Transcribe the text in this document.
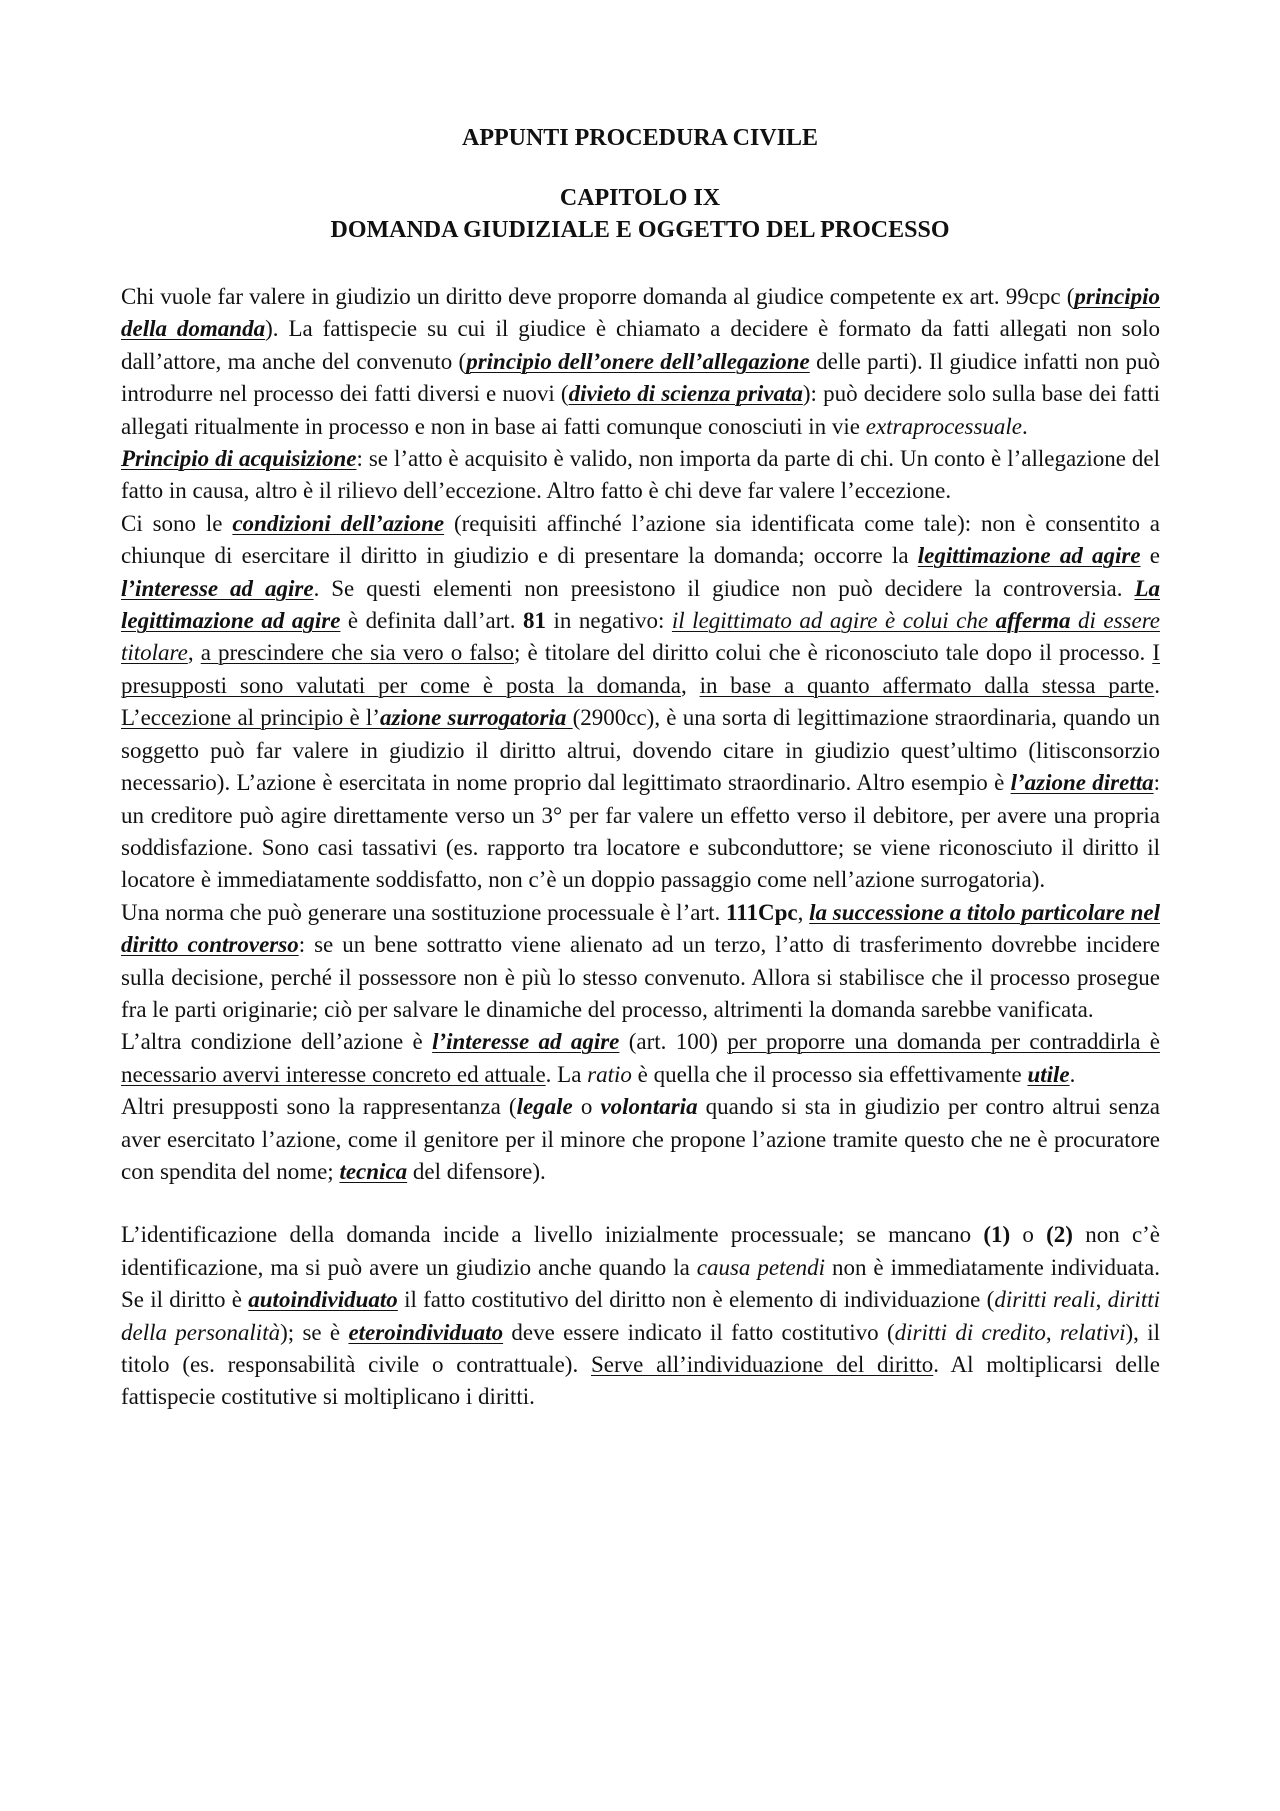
APPUNTI PROCEDURA CIVILE

CAPITOLO IX

DOMANDA GIUDIZIALE E OGGETTO DEL PROCESSO

Chi vuole far valere in giudizio un diritto deve proporre domanda al giudice competente ex art. 99cpc (principio della domanda). La fattispecie su cui il giudice è chiamato a decidere è formato da fatti allegati non solo dall’attore, ma anche del convenuto (principio dell’onere dell’allegazione delle parti). Il giudice infatti non può introdurre nel processo dei fatti diversi e nuovi (divieto di scienza privata): può decidere solo sulla base dei fatti allegati ritualmente in processo e non in base ai fatti comunque conosciuti in vie extraprocessuale.

Principio di acquisizione: se l’atto è acquisito è valido, non importa da parte di chi. Un conto è l’allegazione del fatto in causa, altro è il rilievo dell’eccezione. Altro fatto è chi deve far valere l’eccezione.

Ci sono le condizioni dell’azione (requisiti affinché l’azione sia identificata come tale): non è consentito a chiunque di esercitare il diritto in giudizio e di presentare la domanda; occorre la legittimazione ad agire e l’interesse ad agire. Se questi elementi non preesistono il giudice non può decidere la controversia. La legittimazione ad agire è definita dall’art. 81 in negativo: il legittimato ad agire è colui che afferma di essere titolare, a prescindere che sia vero o falso; è titolare del diritto colui che è riconosciuto tale dopo il processo. I presupposti sono valutati per come è posta la domanda, in base a quanto affermato dalla stessa parte. L’eccezione al principio è l’azione surrogatoria (2900cc), è una sorta di legittimazione straordinaria, quando un soggetto può far valere in giudizio il diritto altrui, dovendo citare in giudizio quest’ultimo (litisconsorzio necessario). L’azione è esercitata in nome proprio dal legittimato straordinario. Altro esempio è l’azione diretta: un creditore può agire direttamente verso un 3° per far valere un effetto verso il debitore, per avere una propria soddisfazione. Sono casi tassativi (es. rapporto tra locatore e subconduttore; se viene riconosciuto il diritto il locatore è immediatamente soddisfatto, non c’è un doppio passaggio come nell’azione surrogatoria).

Una norma che può generare una sostituzione processuale è l’art. 111Cpc, la successione a titolo particolare nel diritto controverso: se un bene sottratto viene alienato ad un terzo, l’atto di trasferimento dovrebbe incidere sulla decisione, perché il possessore non è più lo stesso convenuto. Allora si stabilisce che il processo prosegue fra le parti originarie; ciò per salvare le dinamiche del processo, altrimenti la domanda sarebbe vanificata.

L’altra condizione dell’azione è l’interesse ad agire (art. 100) per proporre una domanda per contraddirla è necessario avervi interesse concreto ed attuale. La ratio è quella che il processo sia effettivamente utile.

Altri presupposti sono la rappresentanza (legale o volontaria quando si sta in giudizio per contro altrui senza aver esercitato l’azione, come il genitore per il minore che propone l’azione tramite questo che ne è procuratore con spendita del nome; tecnica del difensore).

L’identificazione della domanda incide a livello inizialmente processuale; se mancano (1) o (2) non c’è identificazione, ma si può avere un giudizio anche quando la causa petendi non è immediatamente individuata. Se il diritto è autoindividuato il fatto costitutivo del diritto non è elemento di individuazione (diritti reali, diritti della personalità); se è eteroindividuato deve essere indicato il fatto costitutivo (diritti di credito, relativi), il titolo (es. responsabilità civile o contrattuale). Serve all’individuazione del diritto. Al moltiplicarsi delle fattispecie costitutive si moltiplicano i diritti.
